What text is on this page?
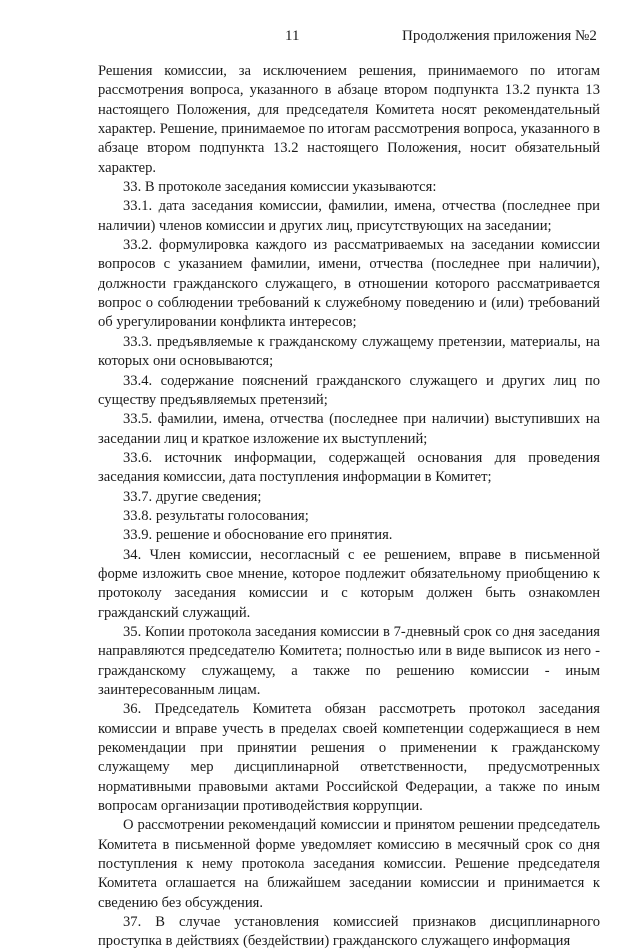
11	Продолжения приложения №2

Решения комиссии, за исключением решения, принимаемого по итогам рассмотрения вопроса, указанного в абзаце втором подпункта 13.2 пункта 13 настоящего Положения, для председателя Комитета носят рекомендательный характер. Решение, принимаемое по итогам рассмотрения вопроса, указанного в абзаце втором подпункта 13.2 настоящего Положения, носит обязательный характер.

33. В протоколе заседания комиссии указываются:

33.1. дата заседания комиссии, фамилии, имена, отчества (последнее при наличии) членов комиссии и других лиц, присутствующих на заседании;

33.2. формулировка каждого из рассматриваемых на заседании комиссии вопросов с указанием фамилии, имени, отчества (последнее при наличии), должности гражданского служащего, в отношении которого рассматривается вопрос о соблюдении требований к служебному поведению и (или) требований об урегулировании конфликта интересов;

33.3. предъявляемые к гражданскому служащему претензии, материалы, на которых они основываются;

33.4. содержание пояснений гражданского служащего и других лиц по существу предъявляемых претензий;

33.5. фамилии, имена, отчества (последнее при наличии) выступивших на заседании лиц и краткое изложение их выступлений;

33.6. источник информации, содержащей основания для проведения заседания комиссии, дата поступления информации в Комитет;

33.7. другие сведения;

33.8. результаты голосования;

33.9. решение и обоснование его принятия.

34. Член комиссии, несогласный с ее решением, вправе в письменной форме изложить свое мнение, которое подлежит обязательному приобщению к протоколу заседания комиссии и с которым должен быть ознакомлен гражданский служащий.

35. Копии протокола заседания комиссии в 7-дневный срок со дня заседания направляются председателю Комитета; полностью или в виде выписок из него - гражданскому служащему, а также по решению комиссии - иным заинтересованным лицам.

36. Председатель Комитета обязан рассмотреть протокол заседания комиссии и вправе учесть в пределах своей компетенции содержащиеся в нем рекомендации при принятии решения о применении к гражданскому служащему мер дисциплинарной ответственности, предусмотренных нормативными правовыми актами Российской Федерации, а также по иным вопросам организации противодействия коррупции.

О рассмотрении рекомендаций комиссии и принятом решении председатель Комитета в письменной форме уведомляет комиссию в месячный срок со дня поступления к нему протокола заседания комиссии. Решение председателя Комитета оглашается на ближайшем заседании комиссии и принимается к сведению без обсуждения.

37. В случае установления комиссией признаков дисциплинарного проступка в действиях (бездействии) гражданского служащего информация
